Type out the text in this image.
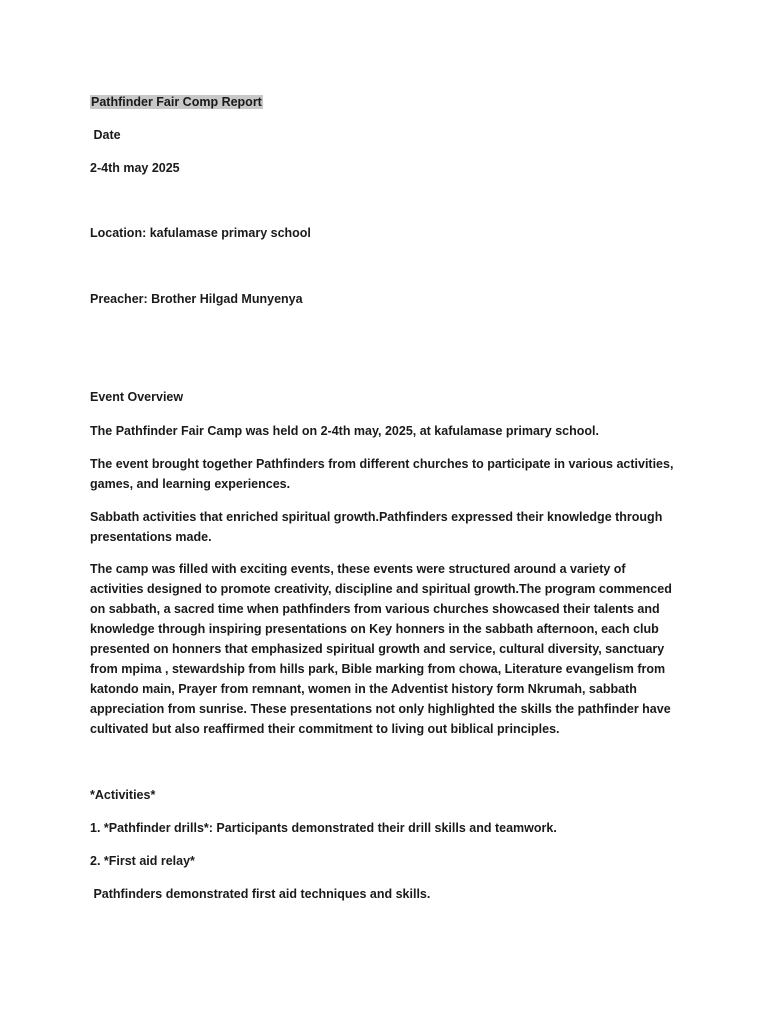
Pathfinder Fair Comp Report
Date
2-4th may 2025
Location: kafulamase primary school
Preacher: Brother Hilgad Munyenya
Event Overview
The Pathfinder Fair Camp was held on 2-4th may, 2025, at kafulamase primary school.
The event brought together Pathfinders from different churches to participate in various activities, games, and learning experiences.
Sabbath activities that enriched spiritual growth.Pathfinders expressed their knowledge through presentations made.
The camp was filled with exciting events, these events were structured around a variety of activities designed to promote creativity, discipline and spiritual growth.The program commenced on sabbath, a sacred time when pathfinders from various churches showcased their talents and knowledge through inspiring presentations on Key honners in the sabbath afternoon, each club presented on honners that emphasized spiritual growth and service, cultural diversity, sanctuary from mpima , stewardship from hills park, Bible marking from chowa, Literature evangelism from katondo main, Prayer from remnant, women in the Adventist history form Nkrumah, sabbath appreciation from sunrise. These presentations not only highlighted the skills the pathfinder have cultivated but also reaffirmed their commitment to living out biblical principles.
*Activities*
1. *Pathfinder drills*: Participants demonstrated their drill skills and teamwork.
2. *First aid relay*
Pathfinders demonstrated first aid techniques and skills.
